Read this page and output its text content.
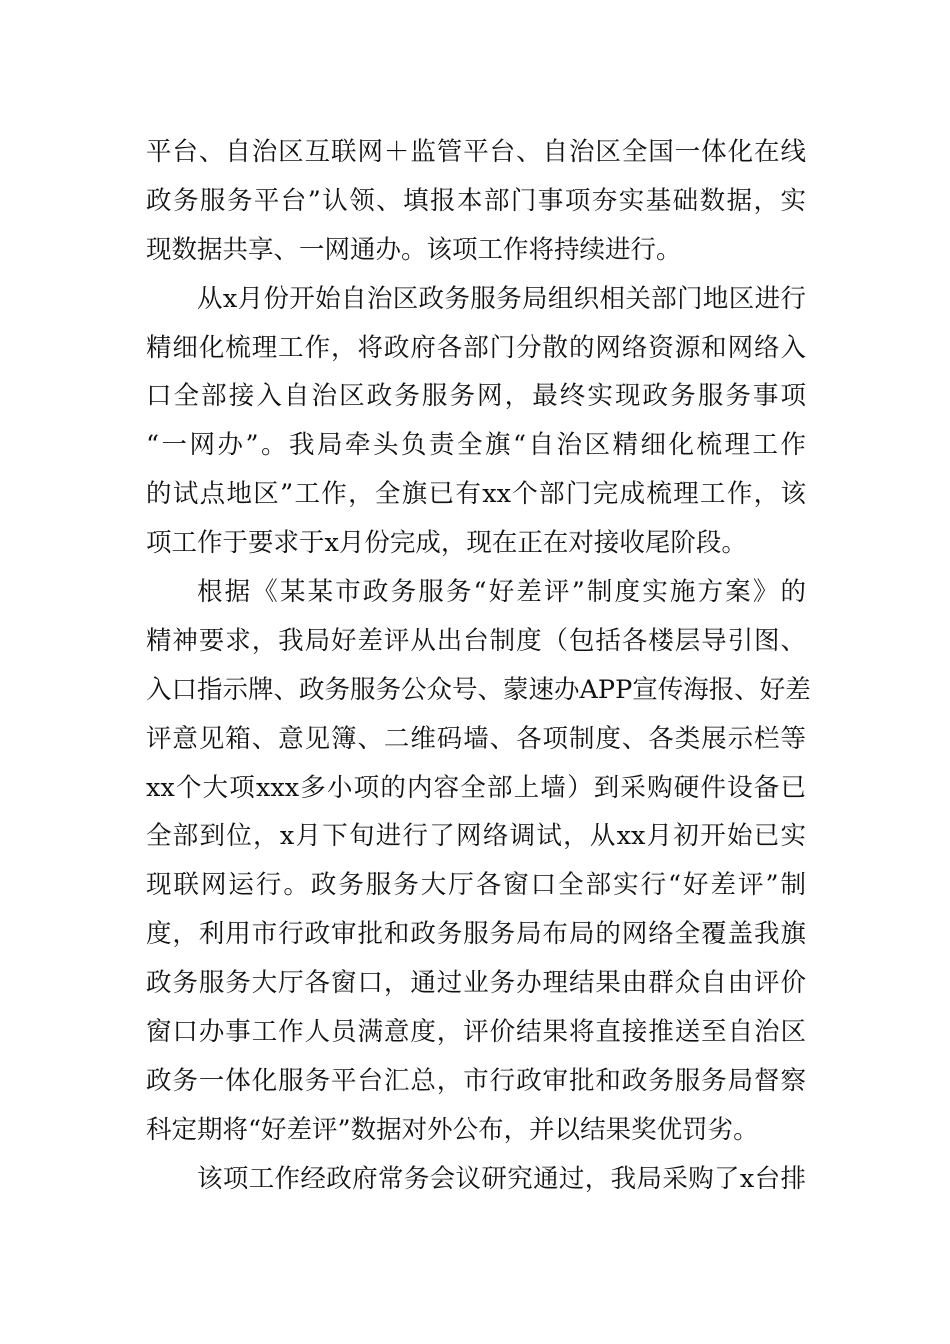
平台、自治区互联网＋监管平台、自治区全国一体化在线
政务服务平台”认领、填报本部门事项夯实基础数据，实
现数据共享、一网通办。该项工作将持续进行。
从x月份开始自治区政务服务局组织相关部门地区进行
精细化梳理工作，将政府各部门分散的网络资源和网络入
口全部接入自治区政务服务网，最终实现政务服务事项
“一网办”。我局牵头负责全旗“自治区精细化梳理工作
的试点地区”工作，全旗已有xx个部门完成梳理工作，该
项工作于要求于x月份完成，现在正在对接收尾阶段。
根据《某某市政务服务“好差评”制度实施方案》的
精神要求，我局好差评从出台制度（包括各楼层导引图、
入口指示牌、政务服务公众号、蒙速办APP宣传海报、好差
评意见箱、意见簿、二维码墙、各项制度、各类展示栏等
xx个大项xxx多小项的内容全部上墙）到采购硬件设备已
全部到位，x月下旬进行了网络调试，从xx月初开始已实
现联网运行。政务服务大厅各窗口全部实行“好差评”制
度，利用市行政审批和政务服务局布局的网络全覆盖我旗
政务服务大厅各窗口，通过业务办理结果由群众自由评价
窗口办事工作人员满意度，评价结果将直接推送至自治区
政务一体化服务平台汇总，市行政审批和政务服务局督察
科定期将“好差评”数据对外公布，并以结果奖优罚劣。
该项工作经政府常务会议研究通过，我局采购了x台排
